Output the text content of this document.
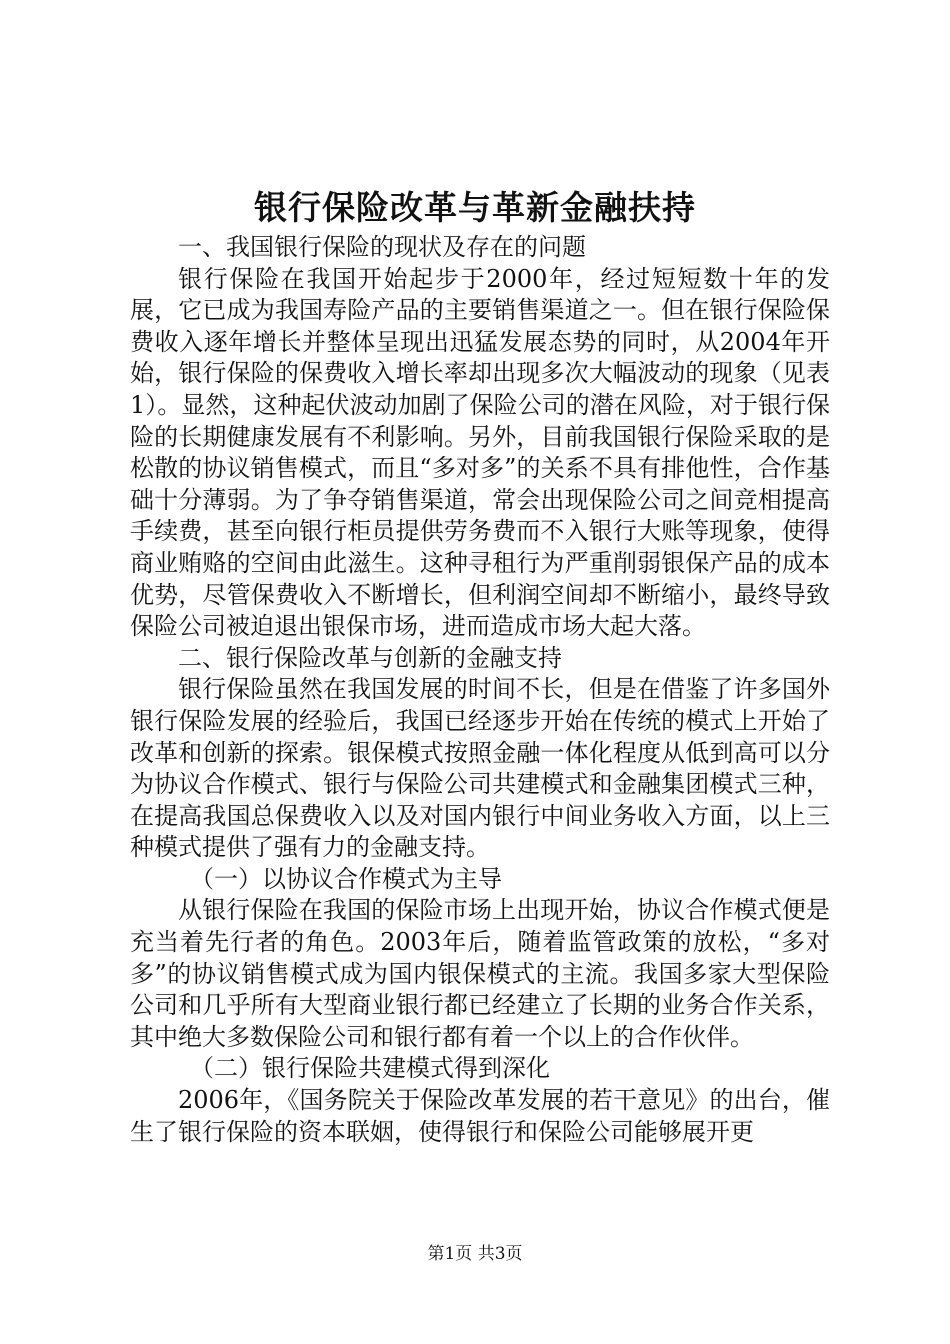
银行保险改革与革新金融扶持

一、我国银行保险的现状及存在的问题

银行保险在我国开始起步于2000年，经过短短数十年的发展，它已成为我国寿险产品的主要销售渠道之一。但在银行保险保费收入逐年增长并整体呈现出迅猛发展态势的同时，从2004年开始，银行保险的保费收入增长率却出现多次大幅波动的现象（见表1）。显然，这种起伏波动加剧了保险公司的潜在风险，对于银行保险的长期健康发展有不利影响。另外，目前我国银行保险采取的是松散的协议销售模式，而且“多对多”的关系不具有排他性，合作基础十分薄弱。为了争夺销售渠道，常会出现保险公司之间竞相提高手续费，甚至向银行柜员提供劳务费而不入银行大账等现象，使得商业贿赂的空间由此滋生。这种寻租行为严重削弱银保产品的成本优势，尽管保费收入不断增长，但利润空间却不断缩小，最终导致保险公司被迫退出银保市场，进而造成市场大起大落。

二、银行保险改革与创新的金融支持

银行保险虽然在我国发展的时间不长，但是在借鉴了许多国外银行保险发展的经验后，我国已经逐步开始在传统的模式上开始了改革和创新的探索。银保模式按照金融一体化程度从低到高可以分为协议合作模式、银行与保险公司共建模式和金融集团模式三种，在提高我国总保费收入以及对国内银行中间业务收入方面，以上三种模式提供了强有力的金融支持。

（一）以协议合作模式为主导

从银行保险在我国的保险市场上出现开始，协议合作模式便是充当着先行者的角色。2003年后，随着监管政策的放松，“多对多”的协议销售模式成为国内银保模式的主流。我国多家大型保险公司和几乎所有大型商业银行都已经建立了长期的业务合作关系，其中绝大多数保险公司和银行都有着一个以上的合作伙伴。

（二）银行保险共建模式得到深化

2006年，《国务院关于保险改革发展的若干意见》的出台，催生了银行保险的资本联姻，使得银行和保险公司能够展开更

第1页 共3页
